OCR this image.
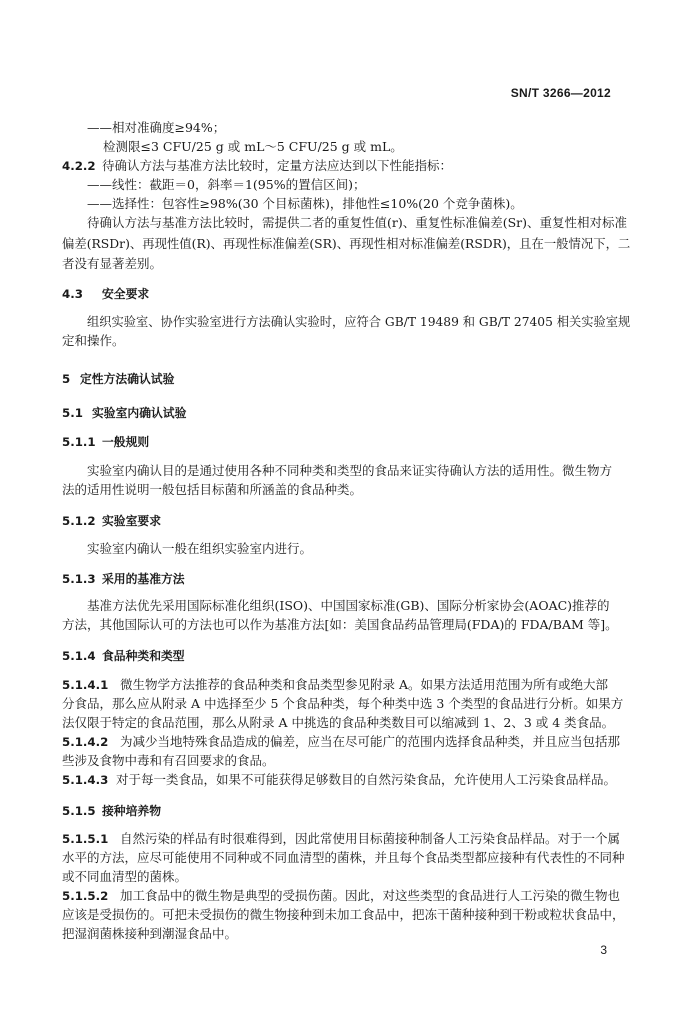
SN/T 3266—2012
——相对准确度≥94%；
检测限≤3 CFU/25 g 或 mL～5 CFU/25 g 或 mL。
4.2.2 待确认方法与基准方法比较时，定量方法应达到以下性能指标：
——线性：截距＝0，斜率＝1(95%的置信区间)；
——选择性：包容性≥98%(30 个目标菌株)，排他性≤10%(20 个竞争菌株)。
待确认方法与基准方法比较时，需提供二者的重复性值(r)、重复性标准偏差(Sr)、重复性相对标准
偏差(RSDr)、再现性值(R)、再现性标准偏差(SR)、再现性相对标准偏差(RSDR)，且在一般情况下，二
者没有显著差别。
4.3 安全要求
组织实验室、协作实验室进行方法确认实验时，应符合 GB/T 19489 和 GB/T 27405 相关实验室规
定和操作。
5 定性方法确认试验
5.1 实验室内确认试验
5.1.1 一般规则
实验室内确认目的是通过使用各种不同种类和类型的食品来证实待确认方法的适用性。微生物方
法的适用性说明一般包括目标菌和所涵盖的食品种类。
5.1.2 实验室要求
实验室内确认一般在组织实验室内进行。
5.1.3 采用的基准方法
基准方法优先采用国际标准化组织(ISO)、中国国家标准(GB)、国际分析家协会(AOAC)推荐的
方法，其他国际认可的方法也可以作为基准方法[如：美国食品药品管理局(FDA)的 FDA/BAM 等]。
5.1.4 食品种类和类型
5.1.4.1 微生物学方法推荐的食品种类和食品类型参见附录 A。如果方法适用范围为所有或绝大部
分食品，那么应从附录 A 中选择至少 5 个食品种类，每个种类中选 3 个类型的食品进行分析。如果方
法仅限于特定的食品范围，那么从附录 A 中挑选的食品种类数目可以缩减到 1、2、3 或 4 类食品。
5.1.4.2 为减少当地特殊食品造成的偏差，应当在尽可能广的范围内选择食品种类，并且应当包括那
些涉及食物中毒和有召回要求的食品。
5.1.4.3 对于每一类食品，如果不可能获得足够数目的自然污染食品，允许使用人工污染食品样品。
5.1.5 接种培养物
5.1.5.1 自然污染的样品有时很难得到，因此常使用目标菌接种制备人工污染食品样品。对于一个属
水平的方法，应尽可能使用不同种或不同血清型的菌株，并且每个食品类型都应接种有代表性的不同种
或不同血清型的菌株。
5.1.5.2 加工食品中的微生物是典型的受损伤菌。因此，对这些类型的食品进行人工污染的微生物也
应该是受损伤的。可把未受损伤的微生物接种到未加工食品中，把冻干菌种接种到干粉或粒状食品中，
把湿润菌株接种到潮湿食品中。
3
